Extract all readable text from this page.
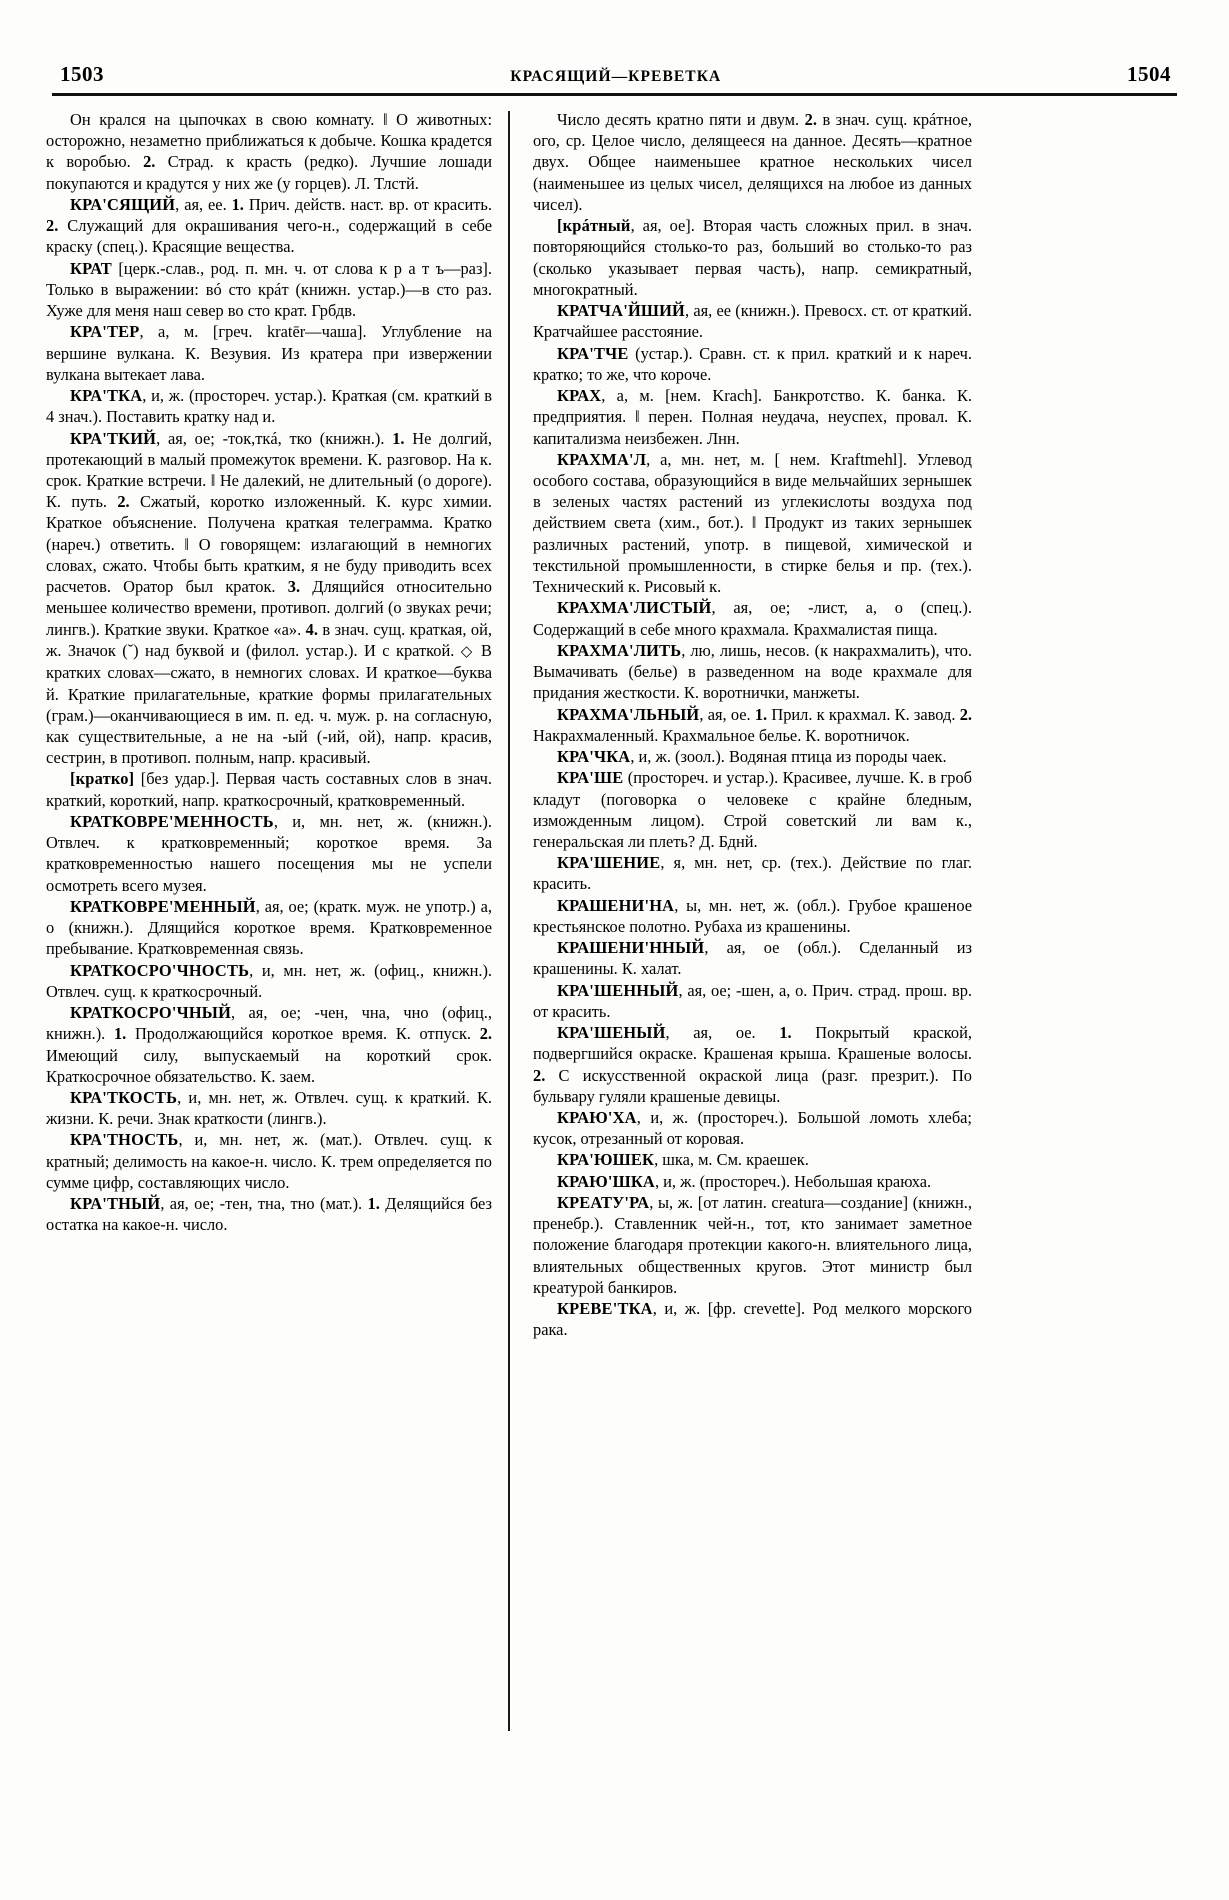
1503	КРАСЯЩИЙ—КРЕВЕТКА	1504

Он крался на цыпочках в свою комнату. ‖ О животных: осторожно, незаметно приближаться к добыче. Кошка крадется к воробью. 2. Страд. к красть (редко). Лучшие лошади покупаются и крадутся у них же (у горцев). Л. Тлстй.

КРА'СЯЩИЙ, ая, ее. 1. Прич. действ. наст. вр. от красить. 2. Служащий для окрашивания чего-н., содержащий в себе краску (спец.). Красящие вещества.

КРАТ [церк.-слав., род. п. мн. ч. от слова к р а т ъ—раз]. Только в выражении: вó сто крáт (книжн. устар.)—в сто раз. Хуже для меня наш север во сто крат. Грбдв.

КРА'ТЕР, а, м. [греч. kratēr—чаша]. Углубление на вершине вулкана. К. Везувия. Из кратера при извержении вулкана вытекает лава.

КРА'ТКА, и, ж. (простореч. устар.). Краткая (см. краткий в 4 знач.). Поставить кратку над и.

КРА'ТКИЙ, ая, ое; -ток,ткá, тко (книжн.). 1. Не долгий, протекающий в малый промежуток времени. К. разговор. На к. срок. Краткие встречи. ‖ Не далекий, не длительный (о дороге). К. путь. 2. Сжатый, коротко изложенный. К. курс химии. Краткое объяснение. Получена краткая телеграмма. Кратко (нареч.) ответить. ‖ О говорящем: излагающий в немногих словах, сжато. Чтобы быть кратким, я не буду приводить всех расчетов. Оратор был краток. 3. Длящийся относительно меньшее количество времени, противоп. долгий (о звуках речи; лингв.). Краткие звуки. Краткое «а». 4. в знач. сущ. краткая, ой, ж. Значок (˘) над буквой и (филол. устар.). И с краткой. ◇ В кратких словах—сжато, в немногих словах. И краткое—буква й. Краткие прилагательные, краткие формы прилагательных (грам.)—оканчивающиеся в им. п. ед. ч. муж. р. на согласную, как существительные, а не на -ый (-ий, ой), напр. красив, сестрин, в противоп. полным, напр. красивый.

[кратко] [без удар.]. Первая часть составных слов в знач. краткий, короткий, напр. краткосрочный, кратковременный.

КРАТКОВРЕ'МЕННОСТЬ, и, мн. нет, ж. (книжн.). Отвлеч. к кратковременный; короткое время. За кратковременностью нашего посещения мы не успели осмотреть всего музея.

КРАТКОВРЕ'МЕННЫЙ, ая, ое; (кратк. муж. не употр.) а, о (книжн.). Длящийся короткое время. Кратковременное пребывание. Кратковременная связь.

КРАТКОСРО'ЧНОСТЬ, и, мн. нет, ж. (офиц., книжн.). Отвлеч. сущ. к краткосрочный.

КРАТКОСРО'ЧНЫЙ, ая, ое; -чен, чна, чно (офиц., книжн.). 1. Продолжающийся короткое время. К. отпуск. 2. Имеющий силу, выпускаемый на короткий срок. Краткосрочное обязательство. К. заем.

КРА'ТКОСТЬ, и, мн. нет, ж. Отвлеч. сущ. к краткий. К. жизни. К. речи. Знак краткости (лингв.).

КРА'ТНОСТЬ, и, мн. нет, ж. (мат.). Отвлеч. сущ. к кратный; делимость на какое-н. число. К. трем определяется по сумме цифр, составляющих число.

КРА'ТНЫЙ, ая, ое; -тен, тна, тно (мат.). 1. Делящийся без остатка на какое-н. число.

Число десять кратно пяти и двум. 2. в знач. сущ. крáтное, ого, ср. Целое число, делящееся на данное. Десять—кратное двух. Общее наименьшее кратное нескольких чисел (наименьшее из целых чисел, делящихся на любое из данных чисел).

[крáтный, ая, ое]. Вторая часть сложных прил. в знач. повторяющийся столько-то раз, больший во столько-то раз (сколько указывает первая часть), напр. семикратный, многократный.

КРАТЧА'ЙШИЙ, ая, ее (книжн.). Превосх. ст. от краткий. Кратчайшее расстояние.

КРА'ТЧЕ (устар.). Сравн. ст. к прил. краткий и к нареч. кратко; то же, что короче.

КРАХ, а, м. [нем. Krach]. Банкротство. К. банка. К. предприятия. ‖ перен. Полная неудача, неуспех, провал. К. капитализма неизбежен. Лнн.

КРАХМА'Л, а, мн. нет, м. [ нем. Kraftmehl]. Углевод особого состава, образующийся в виде мельчайших зернышек в зеленых частях растений из углекислоты воздуха под действием света (хим., бот.). ‖ Продукт из таких зернышек различных растений, употр. в пищевой, химической и текстильной промышленности, в стирке белья и пр. (тех.). Технический к. Рисовый к.

КРАХМА'ЛИСТЫЙ, ая, ое; -лист, а, о (спец.). Содержащий в себе много крахмала. Крахмалистая пища.

КРАХМА'ЛИТЬ, лю, лишь, несов. (к накрахмалить), что. Вымачивать (белье) в разведенном на воде крахмале для придания жесткости. К. воротнички, манжеты.

КРАХМА'ЛЬНЫЙ, ая, ое. 1. Прил. к крахмал. К. завод. 2. Накрахмаленный. Крахмальное белье. К. воротничок.

КРА'ЧКА, и, ж. (зоол.). Водяная птица из породы чаек.

КРА'ШЕ (простореч. и устар.). Красивее, лучше. К. в гроб кладут (поговорка о человеке с крайне бледным, изможденным лицом). Строй советский ли вам к., генеральская ли плеть? Д. Бднй.

КРА'ШЕНИЕ, я, мн. нет, ср. (тех.). Действие по глаг. красить.

КРАШЕНИ'НА, ы, мн. нет, ж. (обл.). Грубое крашеное крестьянское полотно. Рубаха из крашенины.

КРАШЕНИ'ННЫЙ, ая, ое (обл.). Сделанный из крашенины. К. халат.

КРА'ШЕННЫЙ, ая, ое; -шен, а, о. Прич. страд. прош. вр. от красить.

КРА'ШЕНЫЙ, ая, ое. 1. Покрытый краской, подвергшийся окраске. Крашеная крыша. Крашеные волосы. 2. С искусственной окраской лица (разг. презрит.). По бульвару гуляли крашеные девицы.

КРАЮ'ХА, и, ж. (простореч.). Большой ломоть хлеба; кусок, отрезанный от коровая.

КРА'ЮШЕК, шка, м. См. краешек.

КРАЮ'ШКА, и, ж. (простореч.). Небольшая краюха.

КРЕАТУ'РА, ы, ж. [от латин. creatura—создание] (книжн., пренебр.). Ставленник чей-н., тот, кто занимает заметное положение благодаря протекции какого-н. влиятельного лица, влиятельных общественных кругов. Этот министр был креатурой банкиров.

КРЕВЕ'ТКА, и, ж. [фр. crevette]. Род мелкого морского рака.
